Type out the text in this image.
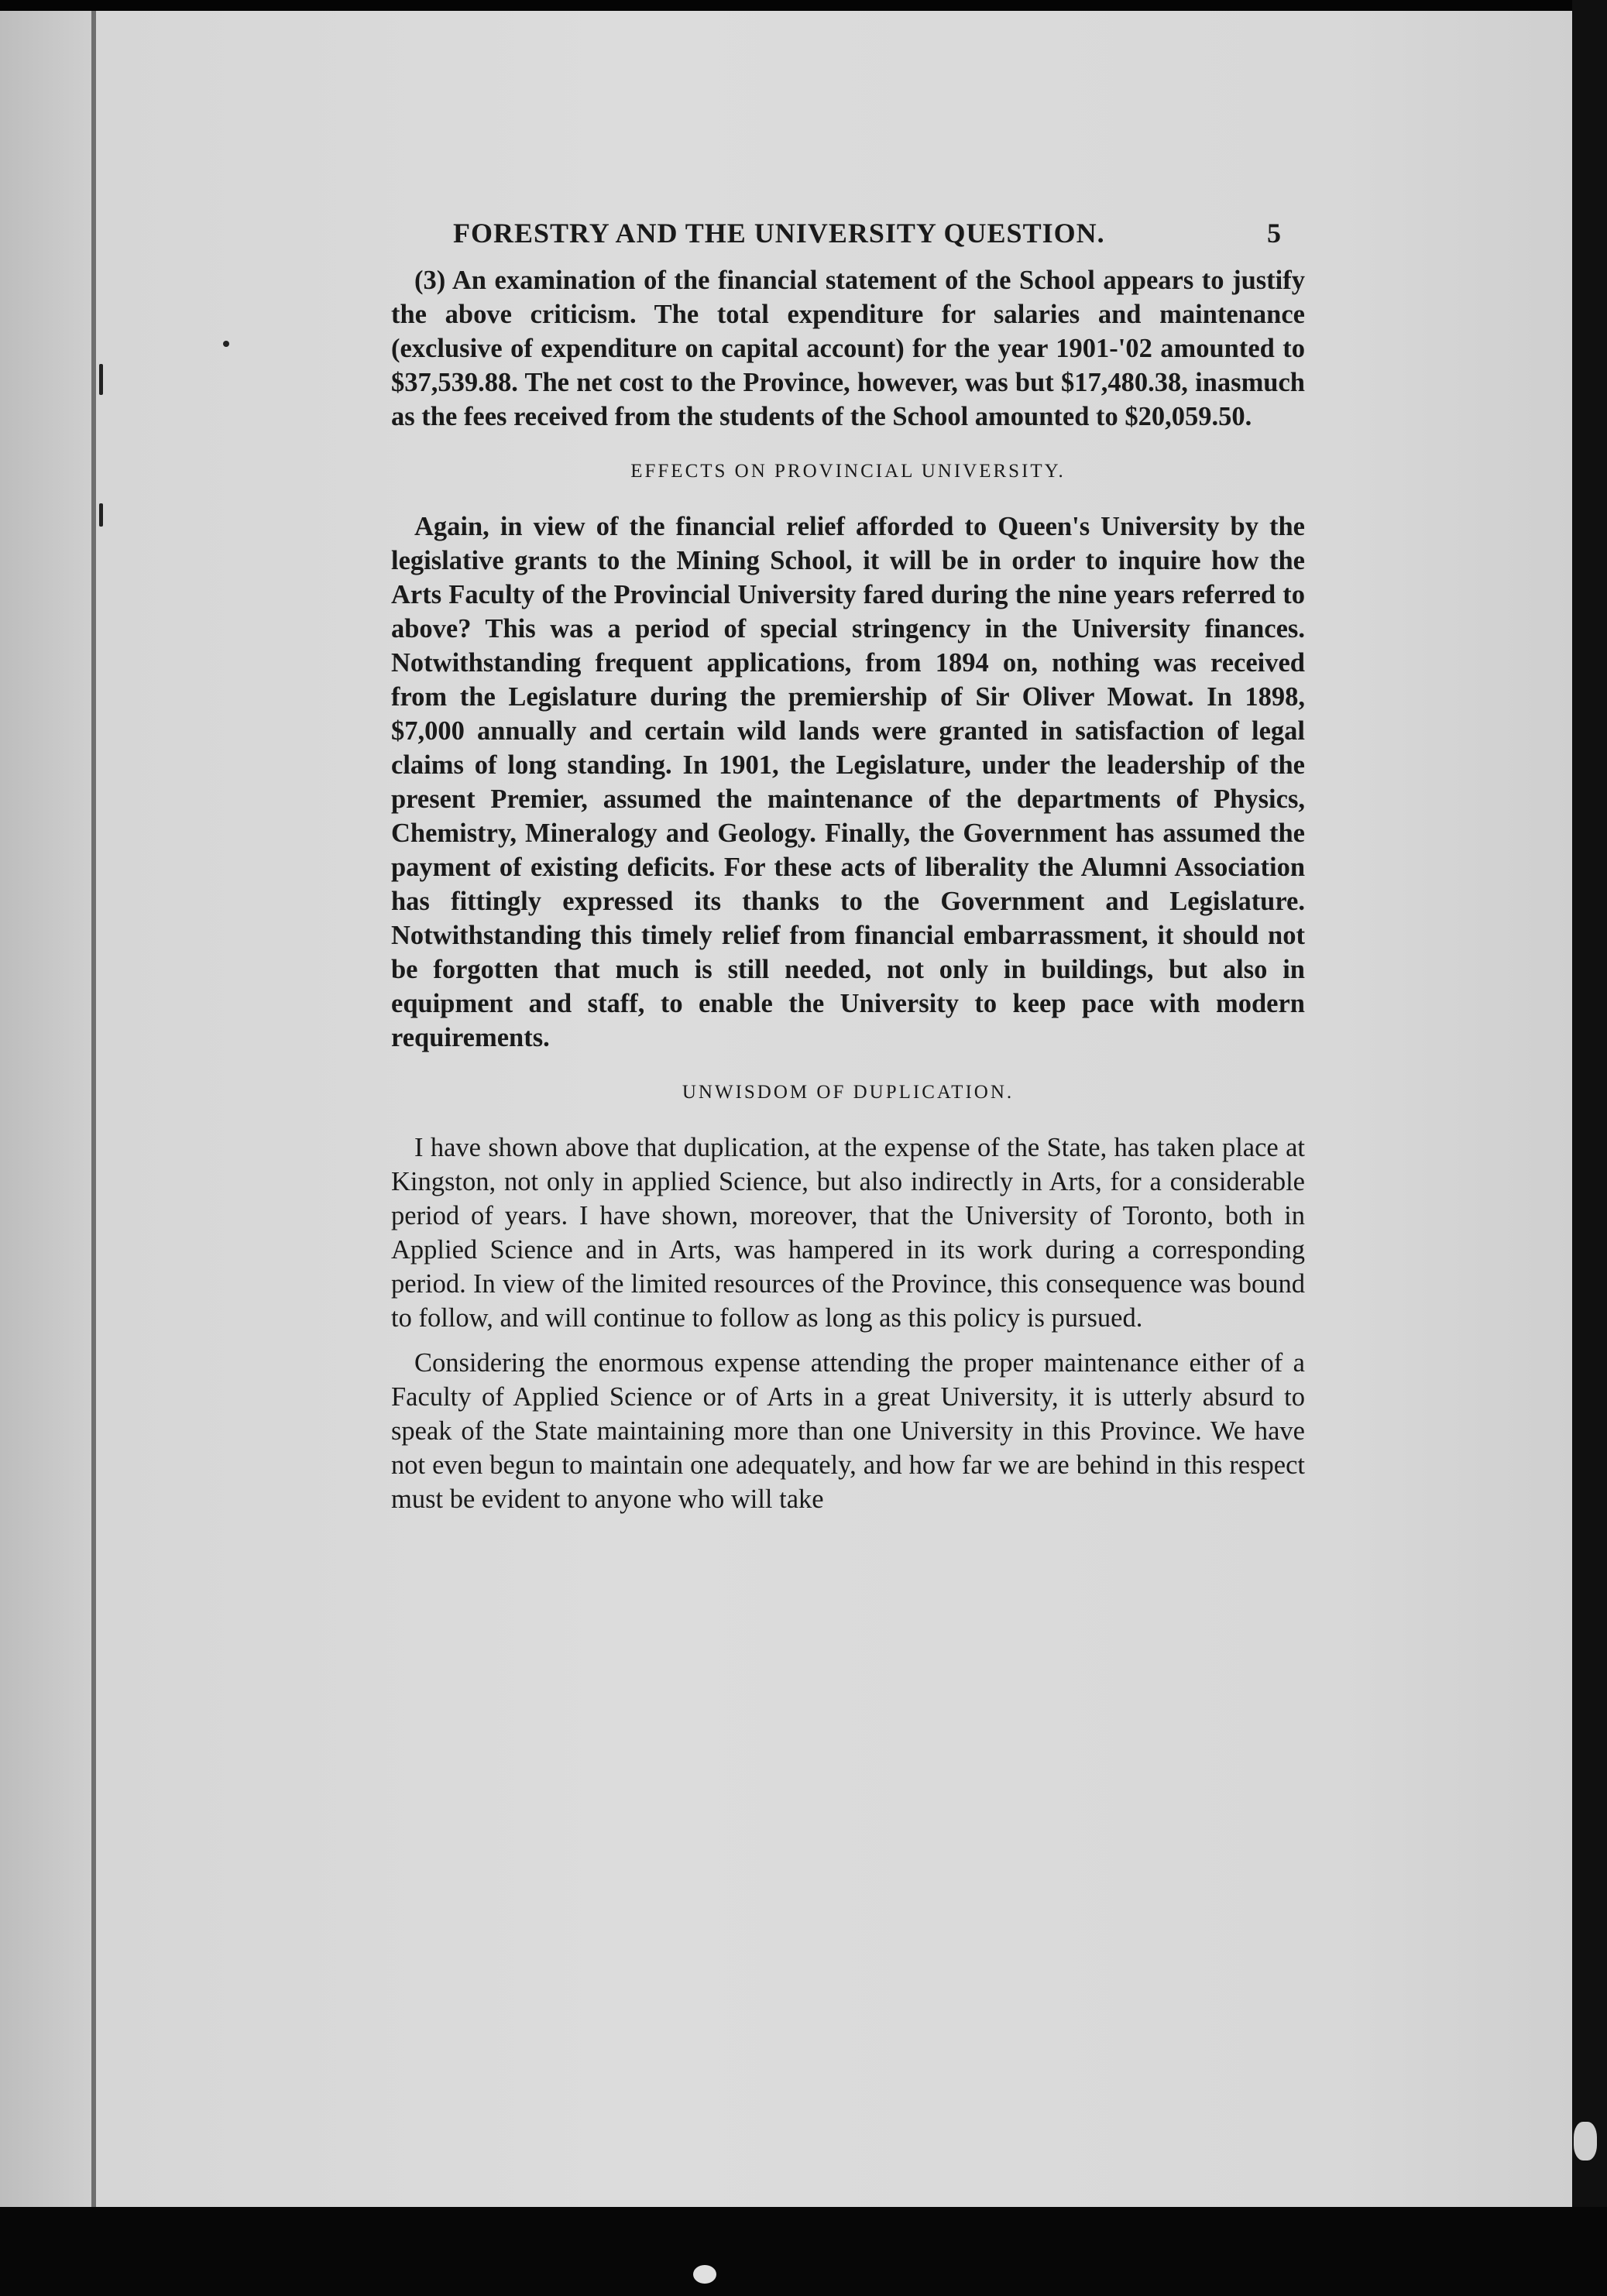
FORESTRY AND THE UNIVERSITY QUESTION.	5

(3) An examination of the financial statement of the School appears to justify the above criticism. The total expenditure for salaries and maintenance (exclusive of expenditure on capital account) for the year 1901-'02 amounted to $37,539.88. The net cost to the Province, however, was but $17,480.38, inasmuch as the fees received from the students of the School amounted to $20,059.50.

EFFECTS ON PROVINCIAL UNIVERSITY.

Again, in view of the financial relief afforded to Queen's University by the legislative grants to the Mining School, it will be in order to inquire how the Arts Faculty of the Provincial University fared during the nine years referred to above? This was a period of special stringency in the University finances. Notwithstanding frequent applications, from 1894 on, nothing was received from the Legislature during the premiership of Sir Oliver Mowat. In 1898, $7,000 annually and certain wild lands were granted in satisfaction of legal claims of long standing. In 1901, the Legislature, under the leadership of the present Premier, assumed the maintenance of the departments of Physics, Chemistry, Mineralogy and Geology. Finally, the Government has assumed the payment of existing deficits. For these acts of liberality the Alumni Association has fittingly expressed its thanks to the Government and Legislature. Notwithstanding this timely relief from financial embarrassment, it should not be forgotten that much is still needed, not only in buildings, but also in equipment and staff, to enable the University to keep pace with modern requirements.

UNWISDOM OF DUPLICATION.

I have shown above that duplication, at the expense of the State, has taken place at Kingston, not only in applied Science, but also indirectly in Arts, for a considerable period of years. I have shown, moreover, that the University of Toronto, both in Applied Science and in Arts, was hampered in its work during a corresponding period. In view of the limited resources of the Province, this consequence was bound to follow, and will continue to follow as long as this policy is pursued.

Considering the enormous expense attending the proper maintenance either of a Faculty of Applied Science or of Arts in a great University, it is utterly absurd to speak of the State maintaining more than one University in this Province. We have not even begun to maintain one adequately, and how far we are behind in this respect must be evident to anyone who will take
